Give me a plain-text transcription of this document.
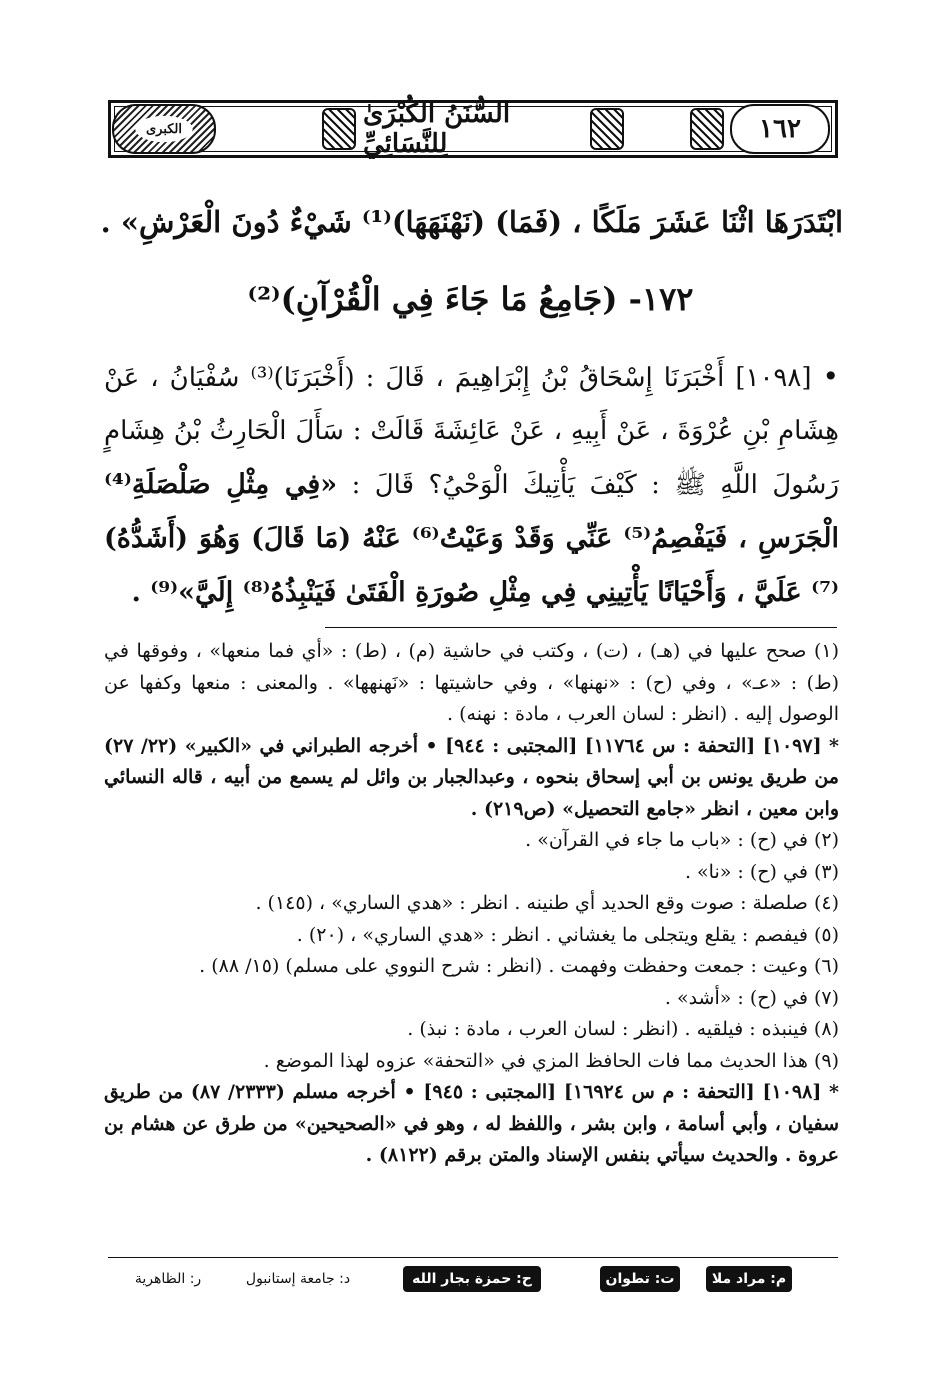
الكبرى	السُّنَنُ الكُبْرَىٰ لِلنَّسَائِيِّ	١٦٢
ابْتَدَرَهَا اثْنَا عَشَرَ مَلَكًا ، (فَمَا) (نَهْنَهَهَا)⁽¹⁾ شَيْءٌ دُونَ الْعَرْشِ» .
١٧٢- (جَامِعُ مَا جَاءَ فِي الْقُرْآنِ)⁽²⁾
• [١٠٩٨] أَخْبَرَنَا إِسْحَاقُ بْنُ إِبْرَاهِيمَ ، قَالَ : (أَخْبَرَنَا)⁽³⁾ سُفْيَانُ ، عَنْ هِشَامِ بْنِ عُرْوَةَ ، عَنْ أَبِيهِ ، عَنْ عَائِشَةَ قَالَتْ : سَأَلَ الْحَارِثُ بْنُ هِشَامٍ رَسُولَ اللَّهِ ﷺ : كَيْفَ يَأْتِيكَ الْوَحْيُ؟ قَالَ : «فِي مِثْلِ صَلْصَلَةِ⁽⁴⁾ الْجَرَسِ ، فَيَفْصِمُ⁽⁵⁾ عَنِّي وَقَدْ وَعَيْتُ⁽⁶⁾ عَنْهُ (مَا قَالَ) وَهُوَ (أَشَدُّهُ)⁽⁷⁾ عَلَيَّ ، وَأَحْيَانًا يَأْتِينِي فِي مِثْلِ صُورَةِ الْفَتَىٰ فَيَنْبِذُهُ⁽⁸⁾ إِلَيَّ»⁽⁹⁾ .

(١) صحح عليها في (هـ) ، (ت) ، وكتب في حاشية (م) ، (ط) : «أي فما منعها» ، وفوقها في (ط) : «عـ» ، وفي (ح) : «نهنها» ، وفي حاشيتها : «نَهنهها» . والمعنى : منعها وكفها عن الوصول إليه . (انظر : لسان العرب ، مادة : نهنه) .

* [١٠٩٧] [التحفة : س ١١٧٦٤] [المجتبى : ٩٤٤] • أخرجه الطبراني في «الكبير» (٢٢/ ٢٧) من طريق يونس بن أبي إسحاق بنحوه ، وعبدالجبار بن وائل لم يسمع من أبيه ، قاله النسائي وابن معين ، انظر «جامع التحصيل» (ص٢١٩) .

(٢) في (ح) : «باب ما جاء في القرآن» .

(٣) في (ح) : «نا» .

(٤) صلصلة : صوت وقع الحديد أي طنينه . انظر : «هدي الساري» ، (١٤٥) .

(٥) فيفصم : يقلع ويتجلى ما يغشاني . انظر : «هدي الساري» ، (٢٠) .

(٦) وعيت : جمعت وحفظت وفهمت . (انظر : شرح النووي على مسلم) (١٥/ ٨٨) .

(٧) في (ح) : «أشد» .

(٨) فينبذه : فيلقيه . (انظر : لسان العرب ، مادة : نبذ) .

(٩) هذا الحديث مما فات الحافظ المزي في «التحفة» عزوه لهذا الموضع .

* [١٠٩٨] [التحفة : م س ١٦٩٢٤] [المجتبى : ٩٤٥] • أخرجه مسلم (٢٣٣٣/ ٨٧) من طريق سفيان ، وأبي أسامة ، وابن بشر ، واللفظ له ، وهو في «الصحيحين» من طرق عن هشام بن عروة . والحديث سيأتي بنفس الإسناد والمتن برقم (٨١٢٢) .

م: مراد ملا
ت: تطوان
ح: حمزة بجار الله
د: جامعة إستانبول
ر: الظاهرية
